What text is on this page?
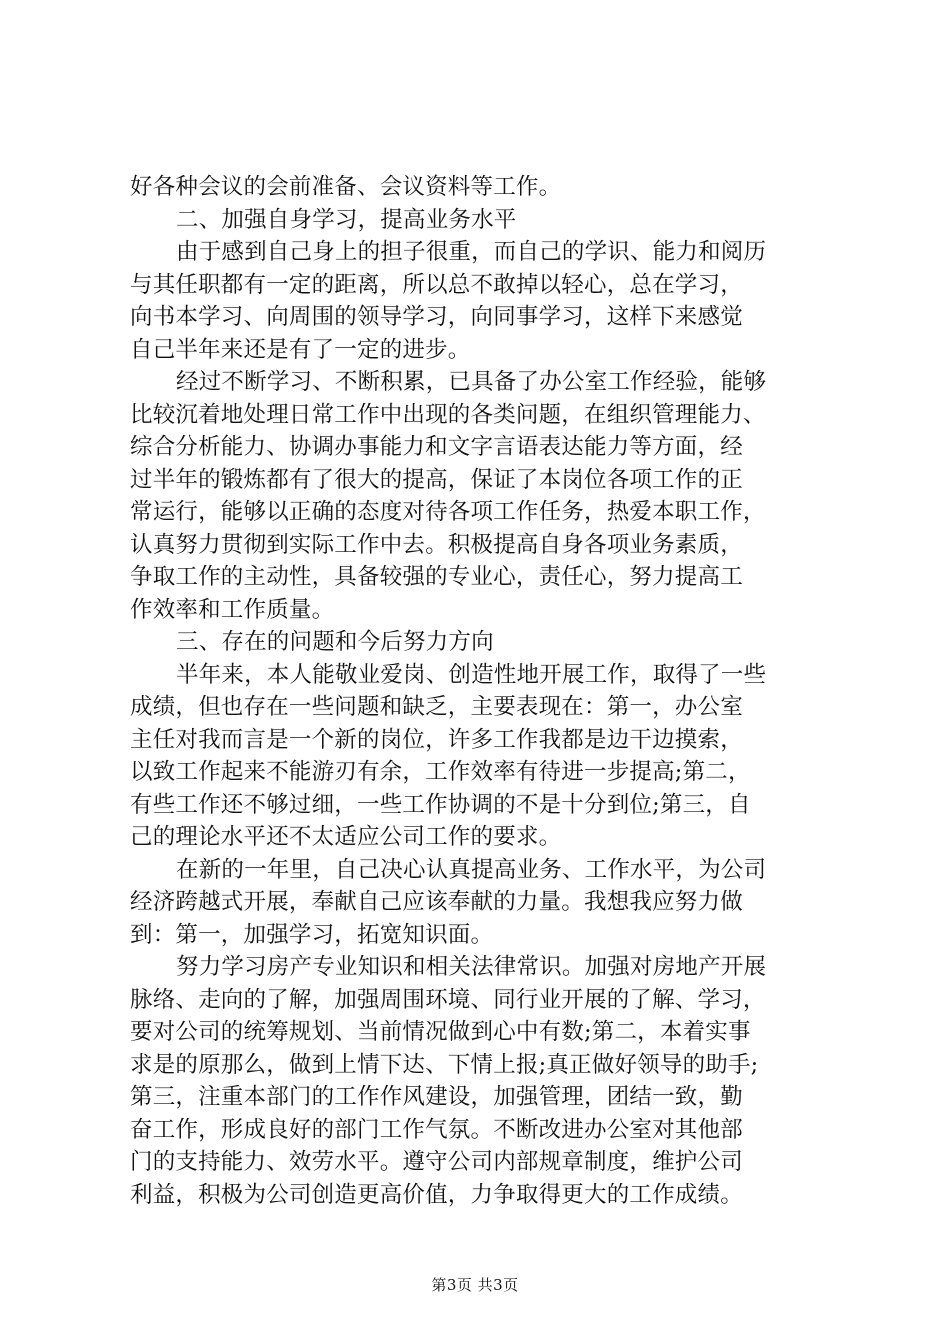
好各种会议的会前准备、会议资料等工作。
二、加强自身学习，提高业务水平
由于感到自己身上的担子很重，而自己的学识、能力和阅历
与其任职都有一定的距离，所以总不敢掉以轻心，总在学习，
向书本学习、向周围的领导学习，向同事学习，这样下来感觉
自己半年来还是有了一定的进步。
经过不断学习、不断积累，已具备了办公室工作经验，能够
比较沉着地处理日常工作中出现的各类问题，在组织管理能力、
综合分析能力、协调办事能力和文字言语表达能力等方面，经
过半年的锻炼都有了很大的提高，保证了本岗位各项工作的正
常运行，能够以正确的态度对待各项工作任务，热爱本职工作，
认真努力贯彻到实际工作中去。积极提高自身各项业务素质，
争取工作的主动性，具备较强的专业心，责任心，努力提高工
作效率和工作质量。
三、存在的问题和今后努力方向
半年来，本人能敬业爱岗、创造性地开展工作，取得了一些
成绩，但也存在一些问题和缺乏，主要表现在：第一，办公室
主任对我而言是一个新的岗位，许多工作我都是边干边摸索，
以致工作起来不能游刃有余，工作效率有待进一步提高;第二，
有些工作还不够过细，一些工作协调的不是十分到位;第三，自
己的理论水平还不太适应公司工作的要求。
在新的一年里，自己决心认真提高业务、工作水平，为公司
经济跨越式开展，奉献自己应该奉献的力量。我想我应努力做
到：第一，加强学习，拓宽知识面。
努力学习房产专业知识和相关法律常识。加强对房地产开展
脉络、走向的了解，加强周围环境、同行业开展的了解、学习，
要对公司的统筹规划、当前情况做到心中有数;第二，本着实事
求是的原那么，做到上情下达、下情上报;真正做好领导的助手;
第三，注重本部门的工作作风建设，加强管理，团结一致，勤
奋工作，形成良好的部门工作气氛。不断改进办公室对其他部
门的支持能力、效劳水平。遵守公司内部规章制度，维护公司
利益，积极为公司创造更高价值，力争取得更大的工作成绩。
第3页 共3页
